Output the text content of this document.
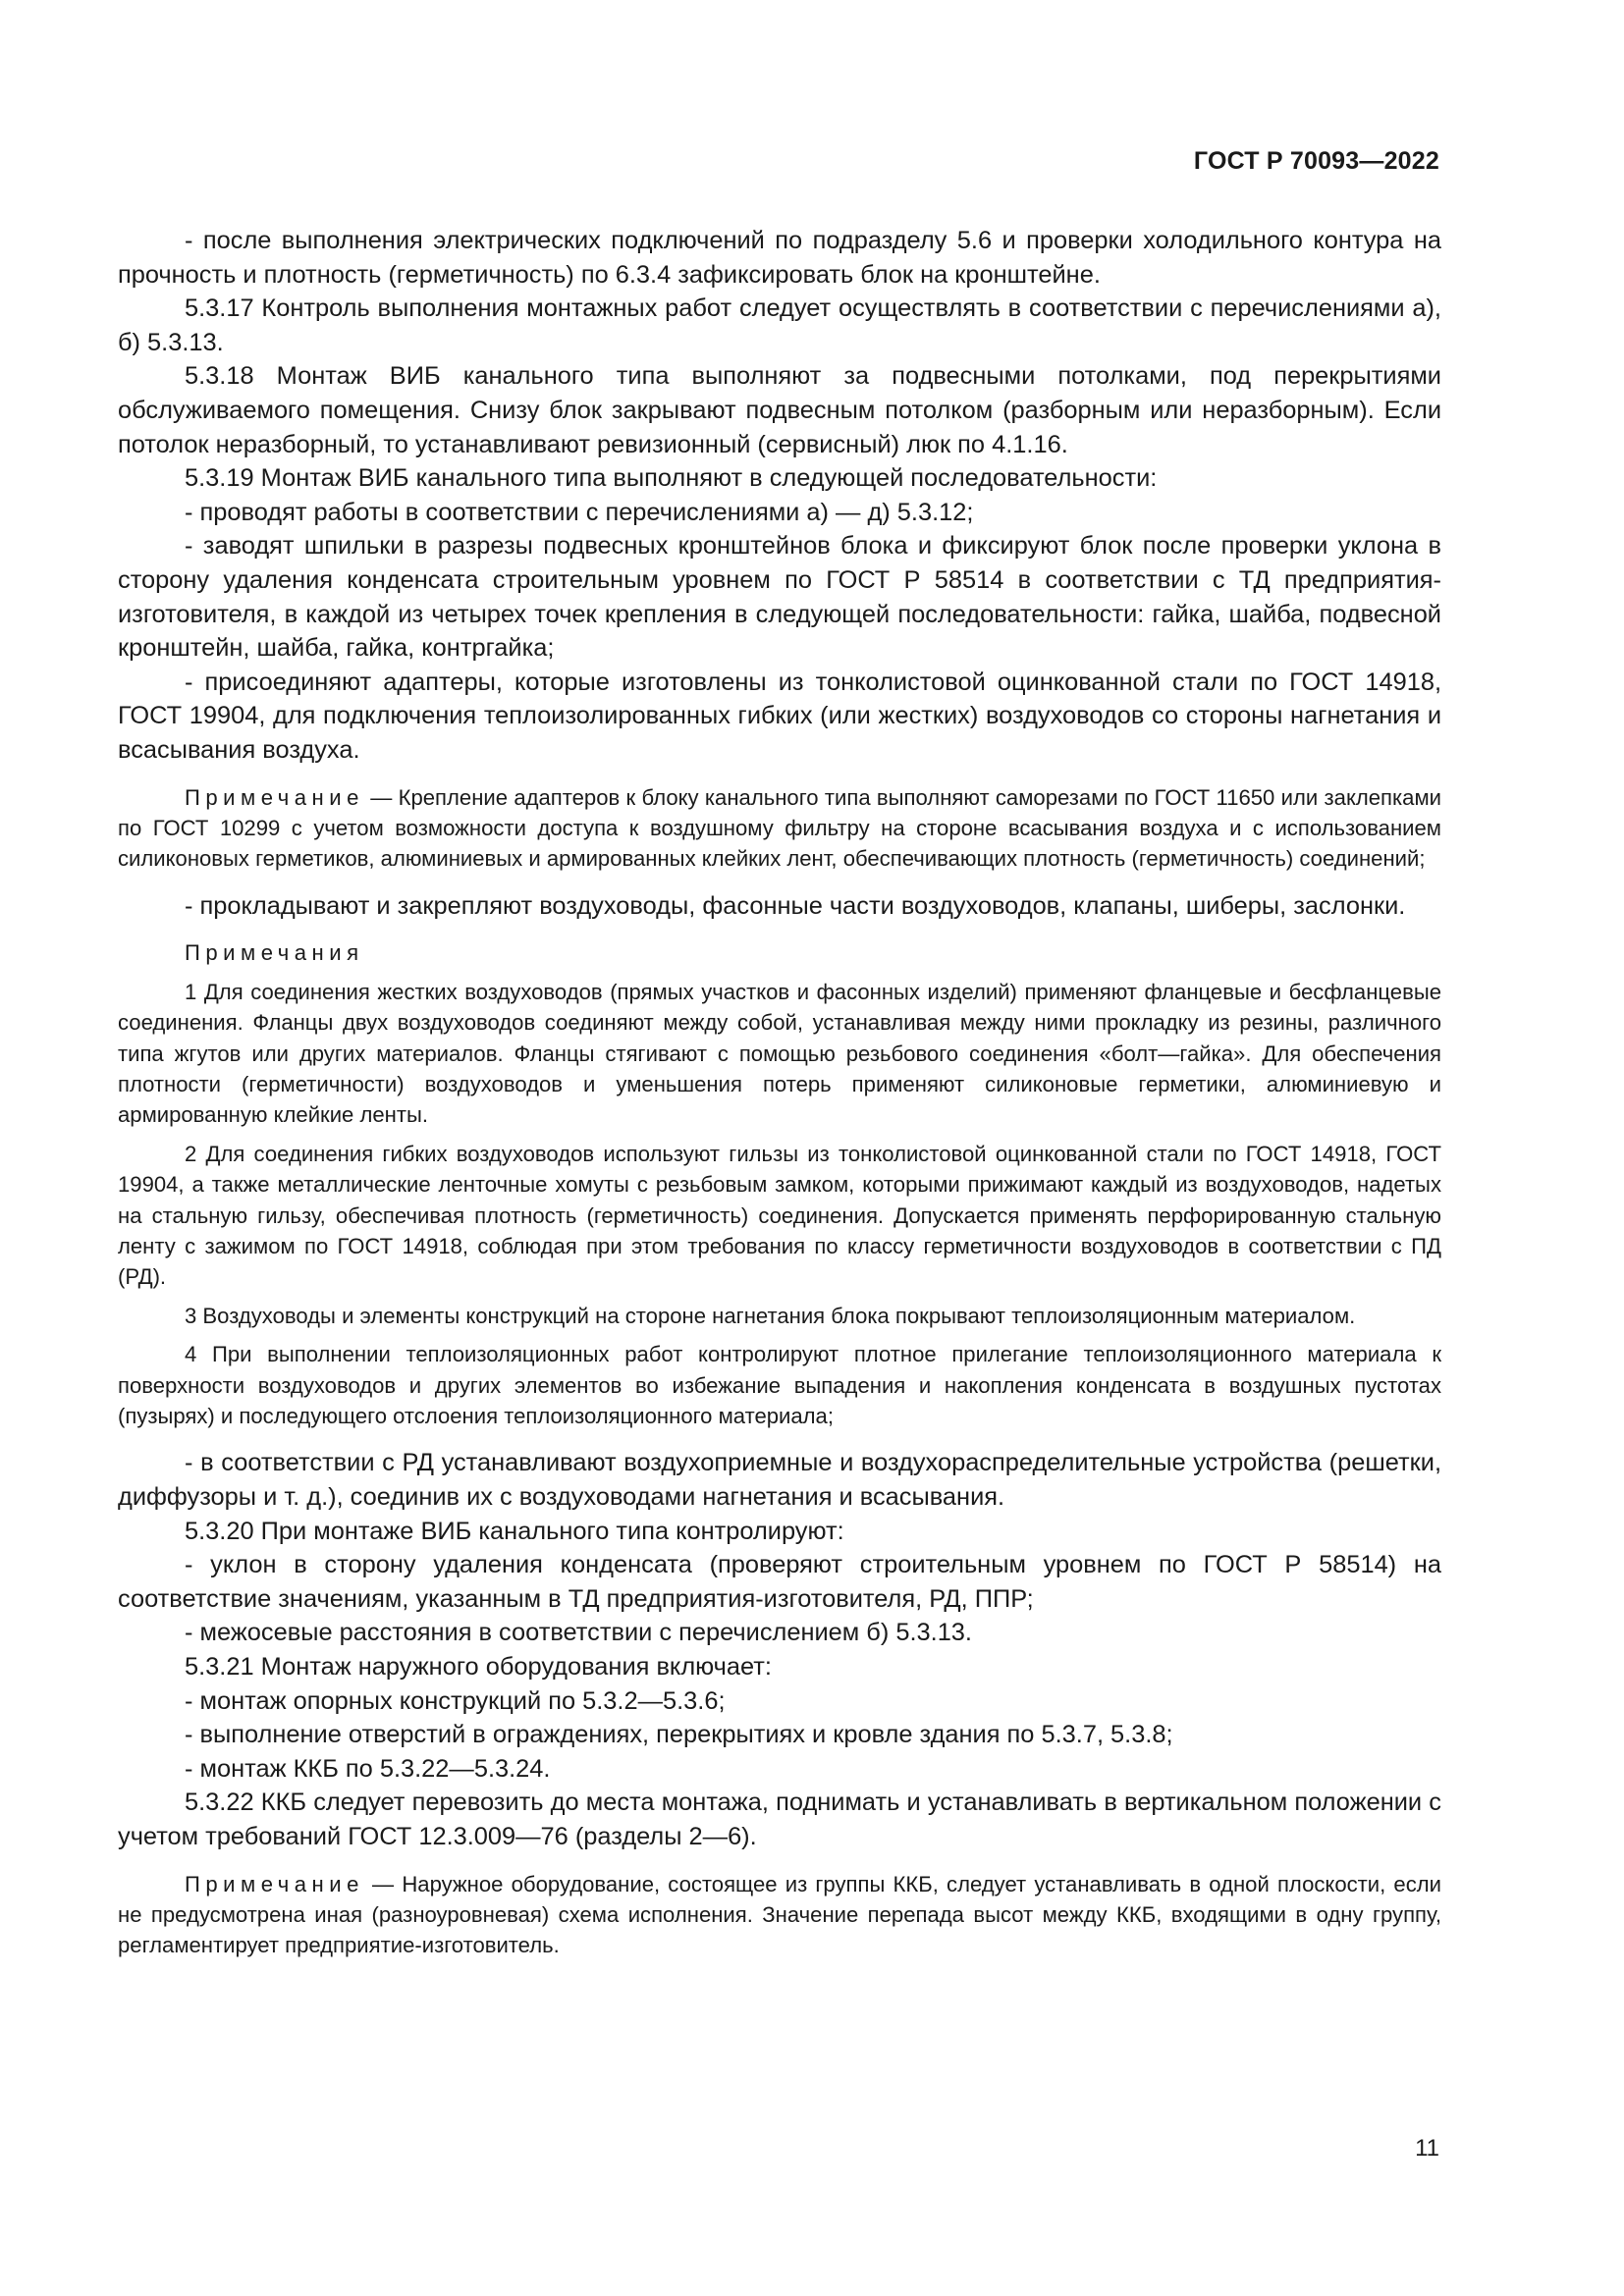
ГОСТ Р 70093—2022

- после выполнения электрических подключений по подразделу 5.6 и проверки холодильного контура на прочность и плотность (герметичность) по 6.3.4 зафиксировать блок на кронштейне.

5.3.17 Контроль выполнения монтажных работ следует осуществлять в соответствии с перечислениями а), б) 5.3.13.

5.3.18 Монтаж ВИБ канального типа выполняют за подвесными потолками, под перекрытиями обслуживаемого помещения. Снизу блок закрывают подвесным потолком (разборным или неразборным). Если потолок неразборный, то устанавливают ревизионный (сервисный) люк по 4.1.16.

5.3.19 Монтаж ВИБ канального типа выполняют в следующей последовательности:

- проводят работы в соответствии с перечислениями а) — д) 5.3.12;

- заводят шпильки в разрезы подвесных кронштейнов блока и фиксируют блок после проверки уклона в сторону удаления конденсата строительным уровнем по ГОСТ Р 58514 в соответствии с ТД предприятия-изготовителя, в каждой из четырех точек крепления в следующей последовательности: гайка, шайба, подвесной кронштейн, шайба, гайка, контргайка;

- присоединяют адаптеры, которые изготовлены из тонколистовой оцинкованной стали по ГОСТ 14918, ГОСТ 19904, для подключения теплоизолированных гибких (или жестких) воздуховодов со стороны нагнетания и всасывания воздуха.

Примечание — Крепление адаптеров к блоку канального типа выполняют саморезами по ГОСТ 11650 или заклепками по ГОСТ 10299 с учетом возможности доступа к воздушному фильтру на стороне всасывания воздуха и с использованием силиконовых герметиков, алюминиевых и армированных клейких лент, обеспечивающих плотность (герметичность) соединений;

- прокладывают и закрепляют воздуховоды, фасонные части воздуховодов, клапаны, шиберы, заслонки.

Примечания

1 Для соединения жестких воздуховодов (прямых участков и фасонных изделий) применяют фланцевые и бесфланцевые соединения. Фланцы двух воздуховодов соединяют между собой, устанавливая между ними прокладку из резины, различного типа жгутов или других материалов. Фланцы стягивают с помощью резьбового соединения «болт—гайка». Для обеспечения плотности (герметичности) воздуховодов и уменьшения потерь применяют силиконовые герметики, алюминиевую и армированную клейкие ленты.

2 Для соединения гибких воздуховодов используют гильзы из тонколистовой оцинкованной стали по ГОСТ 14918, ГОСТ 19904, а также металлические ленточные хомуты с резьбовым замком, которыми прижимают каждый из воздуховодов, надетых на стальную гильзу, обеспечивая плотность (герметичность) соединения. Допускается применять перфорированную стальную ленту с зажимом по ГОСТ 14918, соблюдая при этом требования по классу герметичности воздуховодов в соответствии с ПД (РД).

3 Воздуховоды и элементы конструкций на стороне нагнетания блока покрывают теплоизоляционным материалом.

4 При выполнении теплоизоляционных работ контролируют плотное прилегание теплоизоляционного материала к поверхности воздуховодов и других элементов во избежание выпадения и накопления конденсата в воздушных пустотах (пузырях) и последующего отслоения теплоизоляционного материала;

- в соответствии с РД устанавливают воздухоприемные и воздухораспределительные устройства (решетки, диффузоры и т. д.), соединив их с воздуховодами нагнетания и всасывания.

5.3.20 При монтаже ВИБ канального типа контролируют:

- уклон в сторону удаления конденсата (проверяют строительным уровнем по ГОСТ Р 58514) на соответствие значениям, указанным в ТД предприятия-изготовителя, РД, ППР;

- межосевые расстояния в соответствии с перечислением б) 5.3.13.

5.3.21 Монтаж наружного оборудования включает:

- монтаж опорных конструкций по 5.3.2—5.3.6;

- выполнение отверстий в ограждениях, перекрытиях и кровле здания по 5.3.7, 5.3.8;

- монтаж ККБ по 5.3.22—5.3.24.

5.3.22 ККБ следует перевозить до места монтажа, поднимать и устанавливать в вертикальном положении с учетом требований ГОСТ 12.3.009—76 (разделы 2—6).

Примечание — Наружное оборудование, состоящее из группы ККБ, следует устанавливать в одной плоскости, если не предусмотрена иная (разноуровневая) схема исполнения. Значение перепада высот между ККБ, входящими в одну группу, регламентирует предприятие-изготовитель.

11
